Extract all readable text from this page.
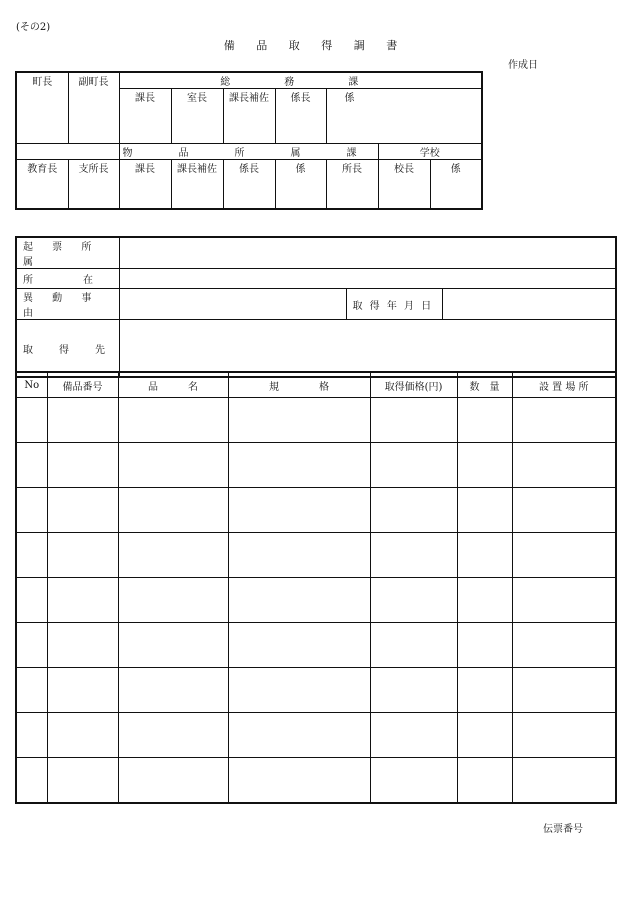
(その2)
備 品 取 得 調 書
作成日
町長	副町長	総　務　課						
		課長	室長	課長補佐	係長	係		
		物　品　所　属　課					学校	
教育長	支所長	課長	課長補佐	係長	係	所長	校長	係
起 票 所 属			
所　　在			
異 動 事 由		取 得 年 月 日	
取　得　先			
No	備品番号	品　　　名	規　　　　格	取得価格(円)	数　量	設 置 場 所

伝票番号
